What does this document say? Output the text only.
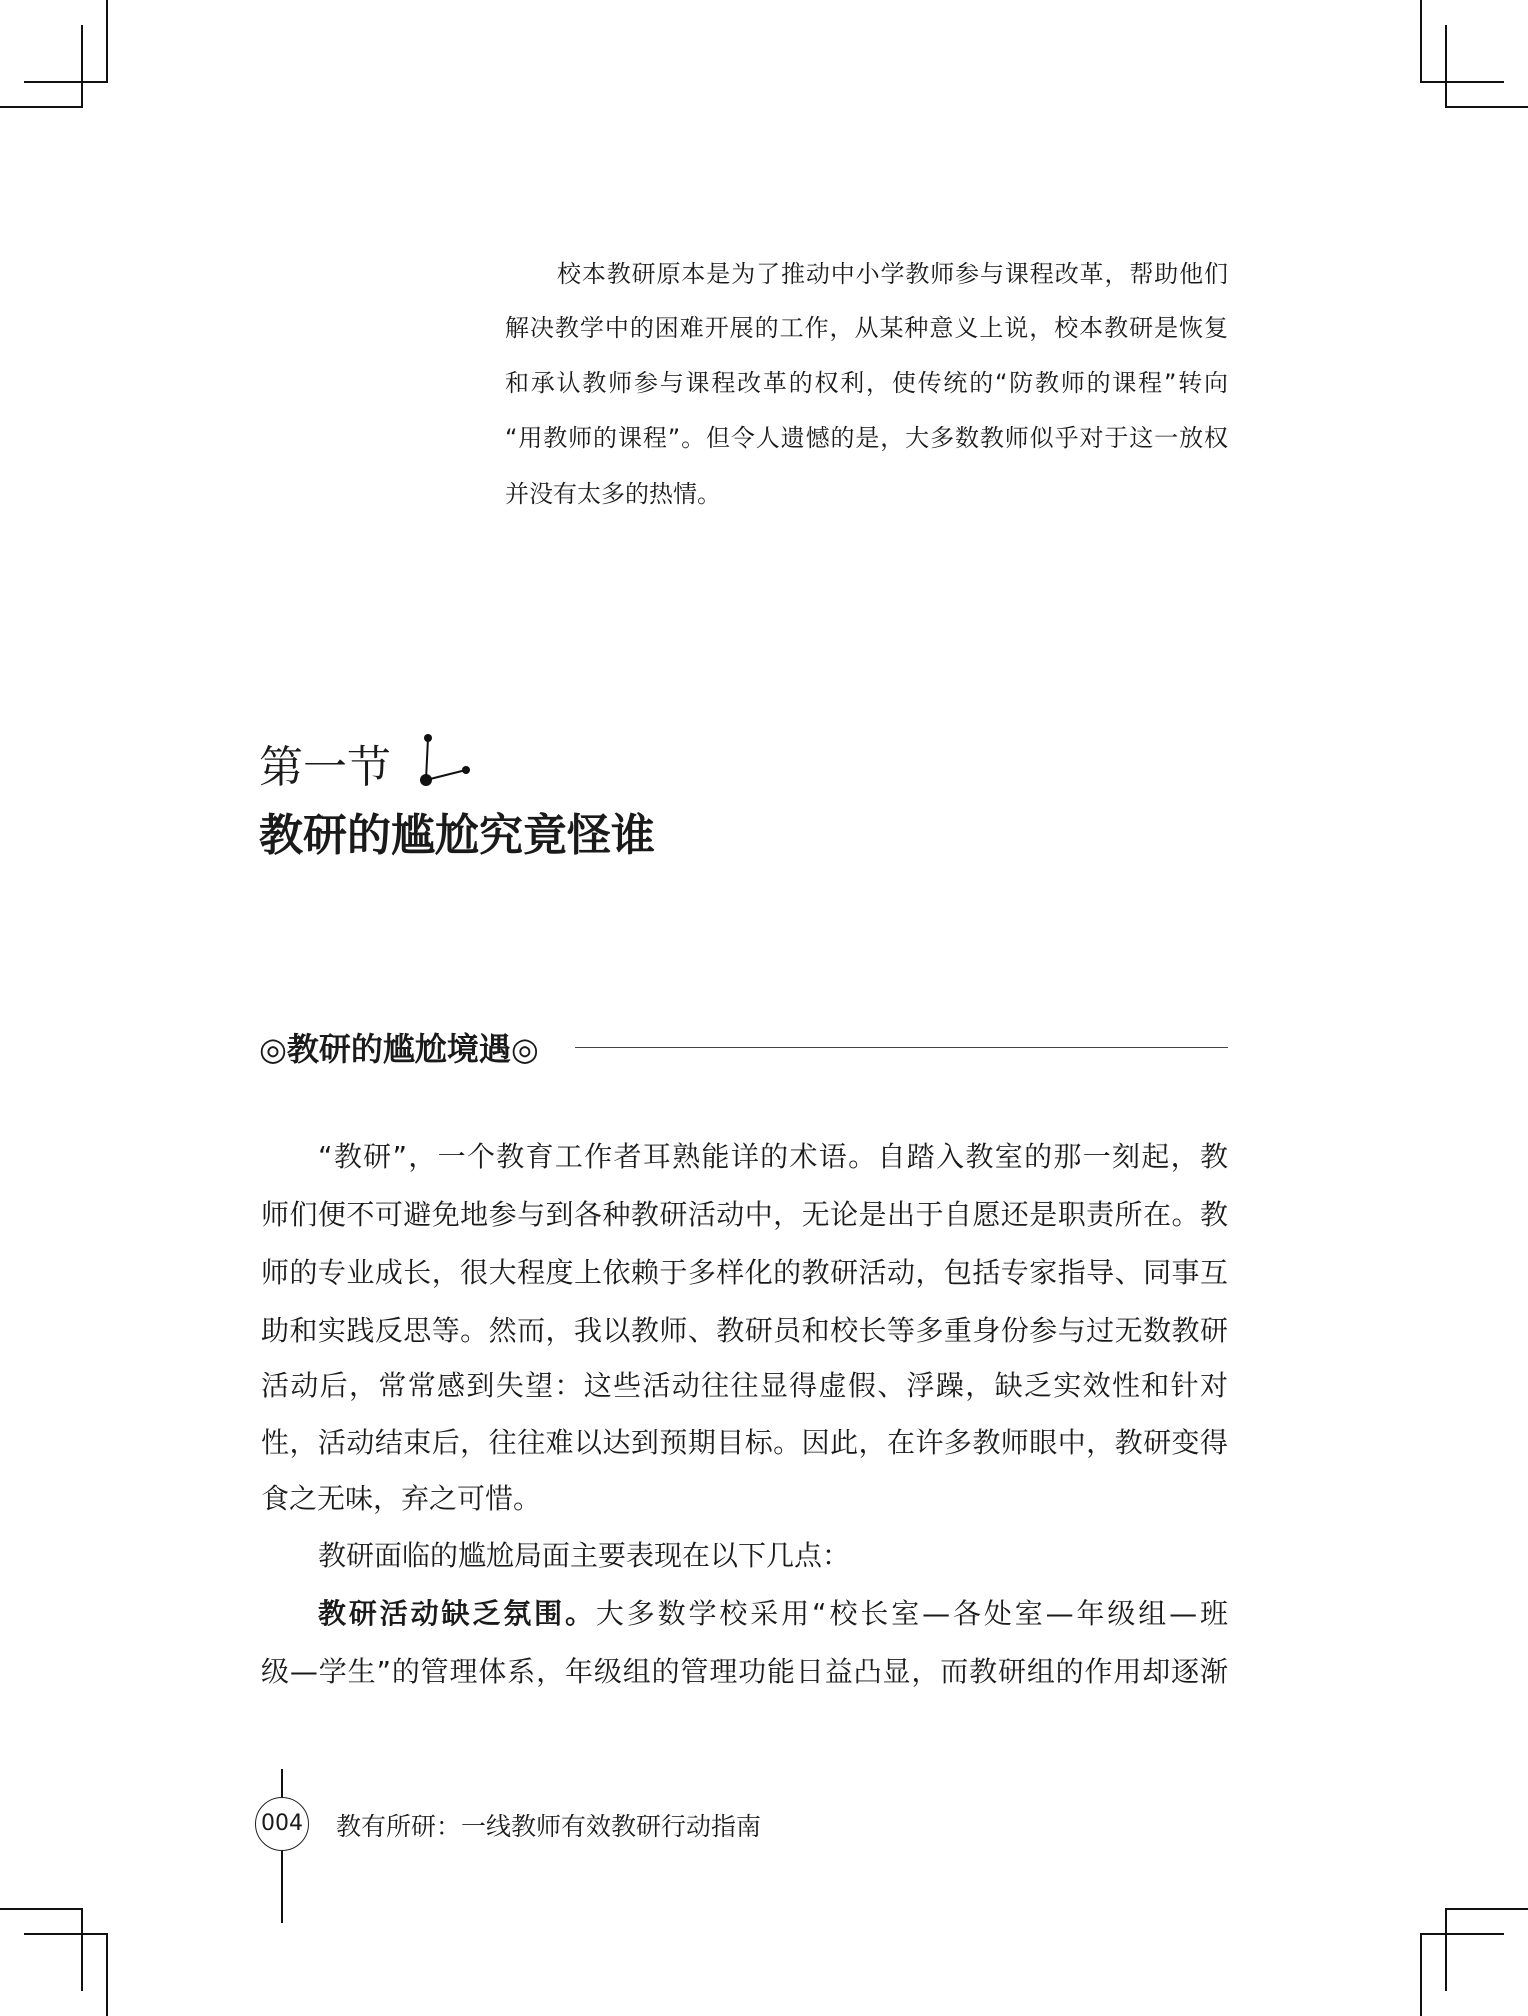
校本教研原本是为了推动中小学教师参与课程改革，帮助他们
解决教学中的困难开展的工作，从某种意义上说，校本教研是恢复
和承认教师参与课程改革的权利，使传统的“防教师的课程”转向
“用教师的课程”。但令人遗憾的是，大多数教师似乎对于这一放权
并没有太多的热情。
第一节
教研的尴尬究竟怪谁
◎教研的尴尬境遇◎
“教研”，一个教育工作者耳熟能详的术语。自踏入教室的那一刻起，教
师们便不可避免地参与到各种教研活动中，无论是出于自愿还是职责所在。教
师的专业成长，很大程度上依赖于多样化的教研活动，包括专家指导、同事互
助和实践反思等。然而，我以教师、教研员和校长等多重身份参与过无数教研
活动后，常常感到失望：这些活动往往显得虚假、浮躁，缺乏实效性和针对
性，活动结束后，往往难以达到预期目标。因此，在许多教师眼中，教研变得
食之无味，弃之可惜。
教研面临的尴尬局面主要表现在以下几点：
教研活动缺乏氛围。大多数学校采用“校长室—各处室—年级组—班
级—学生”的管理体系，年级组的管理功能日益凸显，而教研组的作用却逐渐
004 教有所研：一线教师有效教研行动指南
